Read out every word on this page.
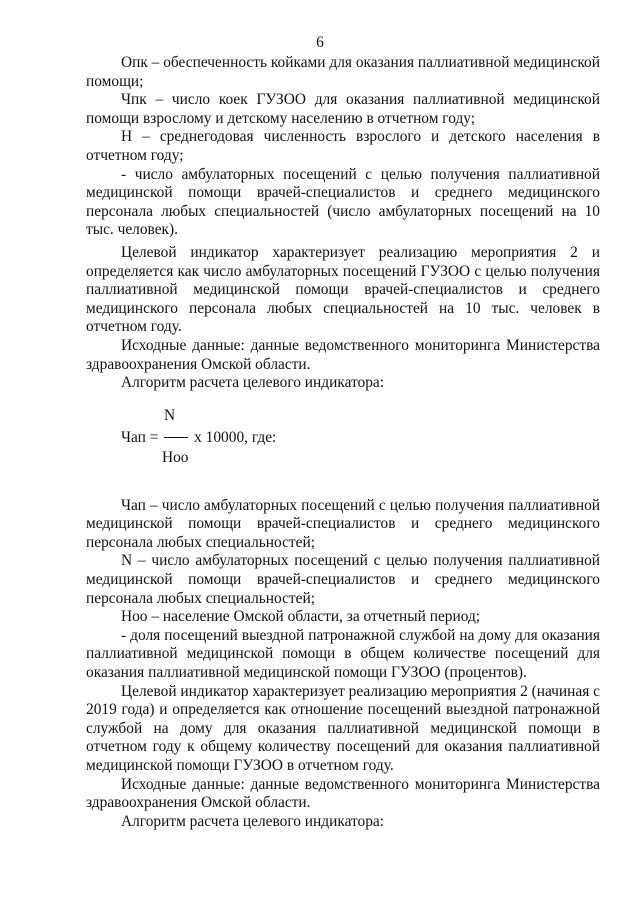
6

Опк – обеспеченность койками для оказания паллиативной медицинской помощи;

Чпк – число коек ГУЗОО для оказания паллиативной медицинской помощи взрослому и детскому населению в отчетном году;

Н – среднегодовая численность взрослого и детского населения в отчетном году;

- число амбулаторных посещений с целью получения паллиативной медицинской помощи врачей-специалистов и среднего медицинского персонала любых специальностей (число амбулаторных посещений на 10 тыс. человек).

Целевой индикатор характеризует реализацию мероприятия 2 и определяется как число амбулаторных посещений ГУЗОО с целью получения паллиативной медицинской помощи врачей-специалистов и среднего медицинского персонала любых специальностей на 10 тыс. человек в отчетном году.

Исходные данные: данные ведомственного мониторинга Министерства здравоохранения Омской области.

Алгоритм расчета целевого индикатора:

N
Чап = x 10000, где:
Ноо

Чап – число амбулаторных посещений с целью получения паллиативной медицинской помощи врачей-специалистов и среднего медицинского персонала любых специальностей;

N – число амбулаторных посещений с целью получения паллиативной медицинской помощи врачей-специалистов и среднего медицинского персонала любых специальностей;

Ноо – население Омской области, за отчетный период;

- доля посещений выездной патронажной службой на дому для оказания паллиативной медицинской помощи в общем количестве посещений для оказания паллиативной медицинской помощи ГУЗОО (процентов).

Целевой индикатор характеризует реализацию мероприятия 2 (начиная с 2019 года) и определяется как отношение посещений выездной патронажной службой на дому для оказания паллиативной медицинской помощи в отчетном году к общему количеству посещений для оказания паллиативной медицинской помощи ГУЗОО в отчетном году.

Исходные данные: данные ведомственного мониторинга Министерства здравоохранения Омской области.

Алгоритм расчета целевого индикатора:
